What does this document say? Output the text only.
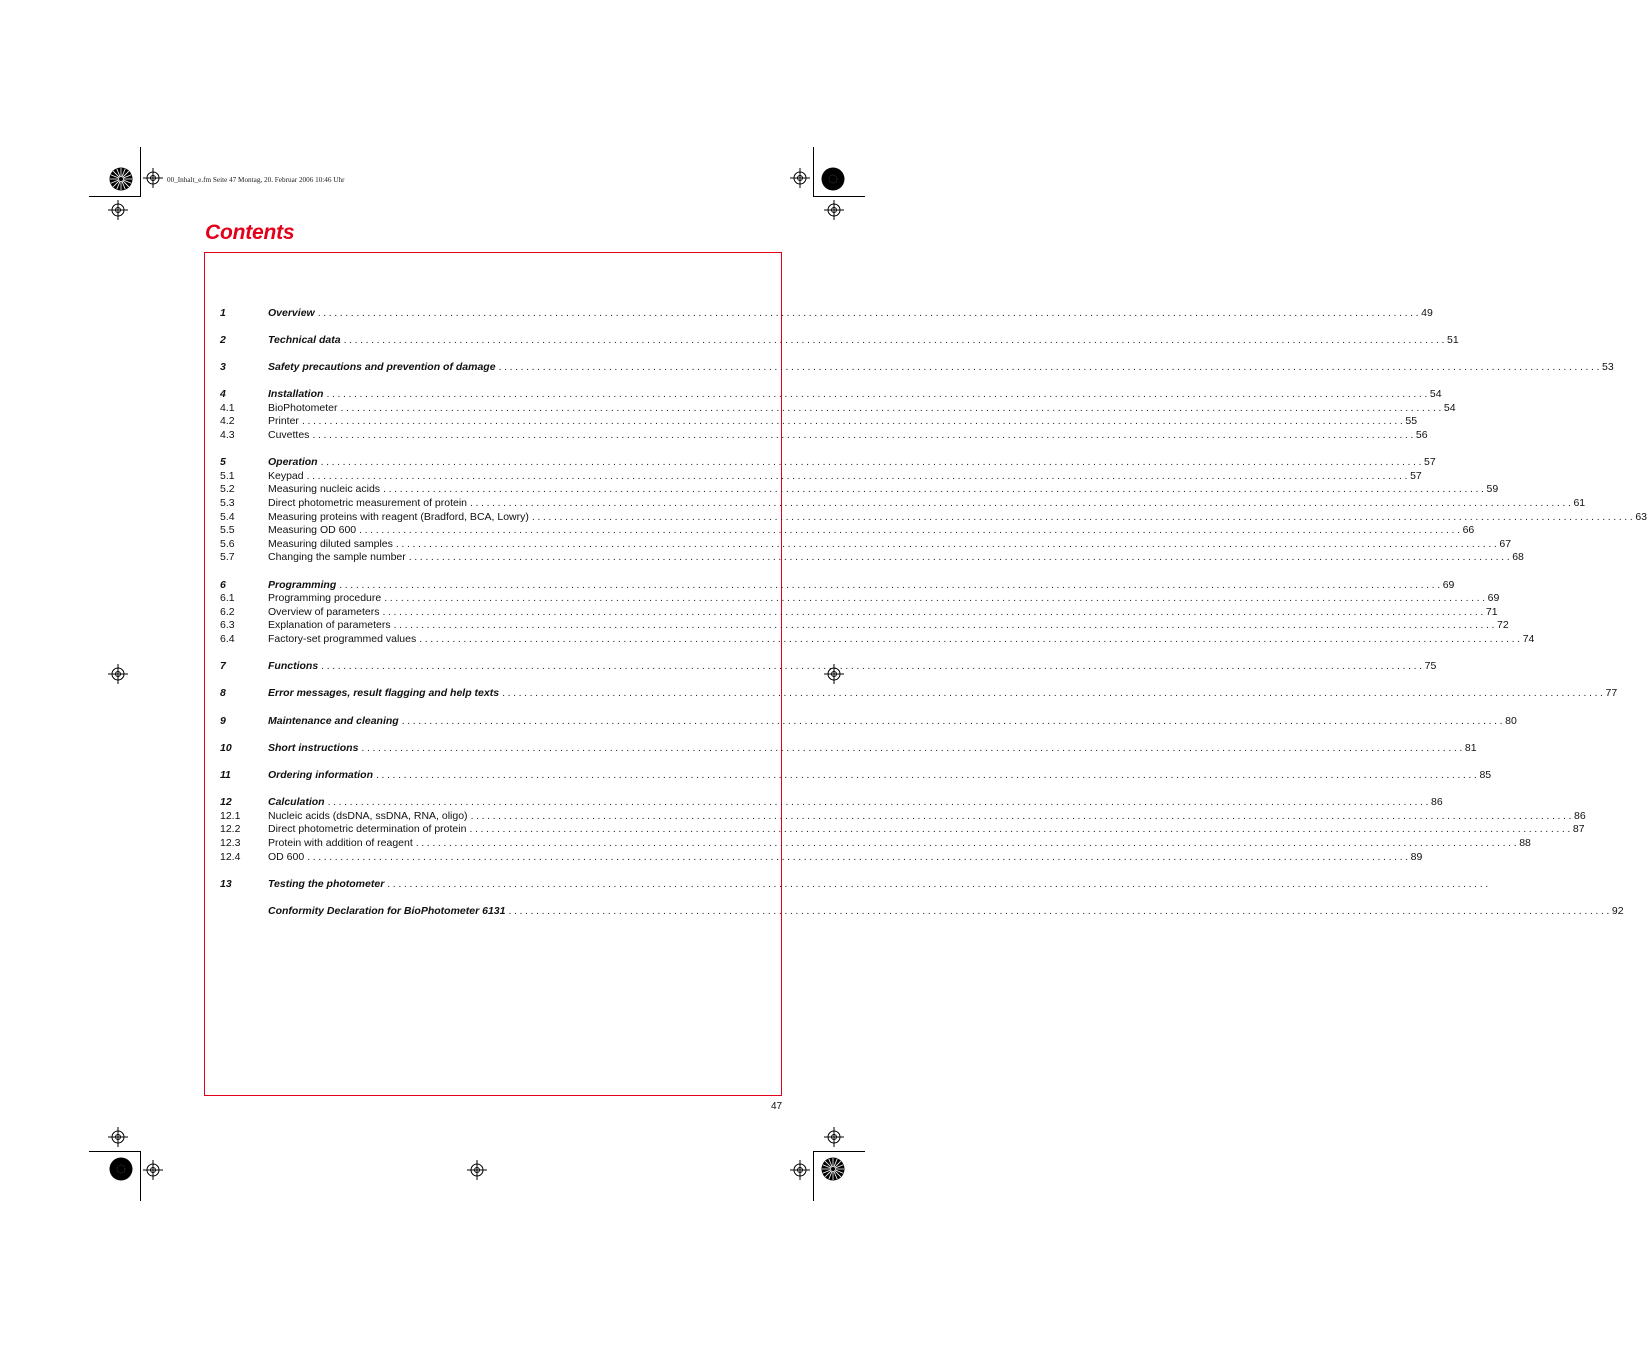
00_Inhalt_e.fm Seite 47 Montag, 20. Februar 2006 10:46 Uhr
Contents
1	Overview ........................................................................................................................................................................................................ 49
2	Technical data ........................................................................................................................................................................................................ 51
3	Safety precautions and prevention of damage ........................................................................................................................................................................................................ 53
4	Installation ........................................................................................................................................................................................................ 54
4.1	BioPhotometer ........................................................................................................................................................................................................ 54
4.2	Printer ........................................................................................................................................................................................................ 55
4.3	Cuvettes ........................................................................................................................................................................................................ 56
5	Operation ........................................................................................................................................................................................................ 57
5.1	Keypad ........................................................................................................................................................................................................ 57
5.2	Measuring nucleic acids ........................................................................................................................................................................................................ 59
5.3	Direct photometric measurement of protein ........................................................................................................................................................................................................ 61
5.4	Measuring proteins with reagent (Bradford, BCA, Lowry) ........................................................................................................................................................................................................ 63
5.5	Measuring OD 600 ........................................................................................................................................................................................................ 66
5.6	Measuring diluted samples ........................................................................................................................................................................................................ 67
5.7	Changing the sample number ........................................................................................................................................................................................................ 68
6	Programming ........................................................................................................................................................................................................ 69
6.1	Programming procedure ........................................................................................................................................................................................................ 69
6.2	Overview of parameters ........................................................................................................................................................................................................ 71
6.3	Explanation of parameters ........................................................................................................................................................................................................ 72
6.4	Factory-set programmed values ........................................................................................................................................................................................................ 74
7	Functions ........................................................................................................................................................................................................ 75
8	Error messages, result flagging and help texts ........................................................................................................................................................................................................ 77
9	Maintenance and cleaning ........................................................................................................................................................................................................ 80
10	Short instructions ........................................................................................................................................................................................................ 81
11	Ordering information ........................................................................................................................................................................................................ 85
12	Calculation ........................................................................................................................................................................................................ 86
12.1	Nucleic acids (dsDNA, ssDNA, RNA, oligo) ........................................................................................................................................................................................................ 86
12.2	Direct photometric determination of protein ........................................................................................................................................................................................................ 87
12.3	Protein with addition of reagent ........................................................................................................................................................................................................ 88
12.4	OD 600 ........................................................................................................................................................................................................ 89
13	Testing the photometer ........................................................................................................................................................................................................
Conformity Declaration for BioPhotometer 6131 ........................................................................................................................................................................................................ 92
47
